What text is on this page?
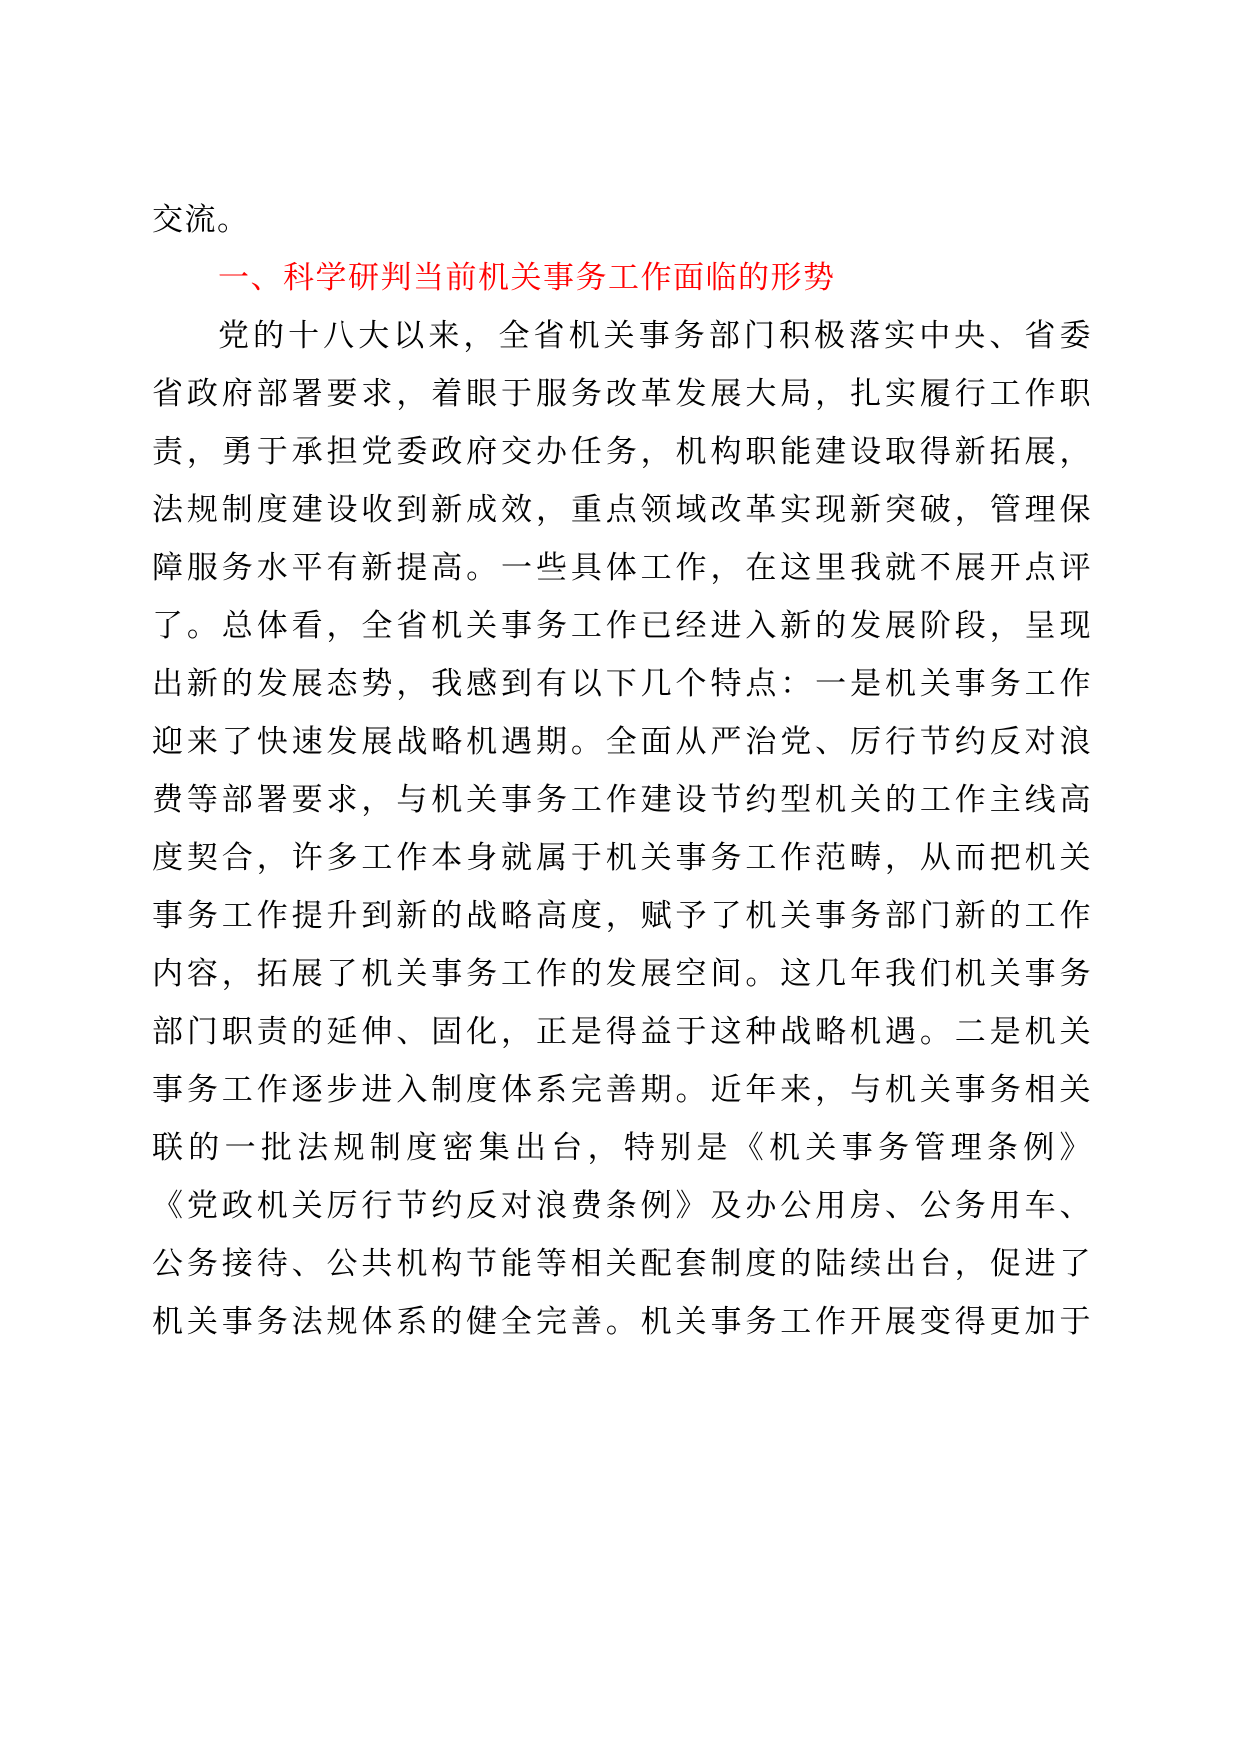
交流。
一、科学研判当前机关事务工作面临的形势
党的十八大以来，全省机关事务部门积极落实中央、省委
省政府部署要求，着眼于服务改革发展大局，扎实履行工作职
责，勇于承担党委政府交办任务，机构职能建设取得新拓展，
法规制度建设收到新成效，重点领域改革实现新突破，管理保
障服务水平有新提高。一些具体工作，在这里我就不展开点评
了。总体看，全省机关事务工作已经进入新的发展阶段，呈现
出新的发展态势，我感到有以下几个特点：一是机关事务工作
迎来了快速发展战略机遇期。全面从严治党、厉行节约反对浪
费等部署要求，与机关事务工作建设节约型机关的工作主线高
度契合，许多工作本身就属于机关事务工作范畴，从而把机关
事务工作提升到新的战略高度，赋予了机关事务部门新的工作
内容，拓展了机关事务工作的发展空间。这几年我们机关事务
部门职责的延伸、固化，正是得益于这种战略机遇。二是机关
事务工作逐步进入制度体系完善期。近年来，与机关事务相关
联的一批法规制度密集出台，特别是《机关事务管理条例》
《党政机关厉行节约反对浪费条例》及办公用房、公务用车、
公务接待、公共机构节能等相关配套制度的陆续出台，促进了
机关事务法规体系的健全完善。机关事务工作开展变得更加于
